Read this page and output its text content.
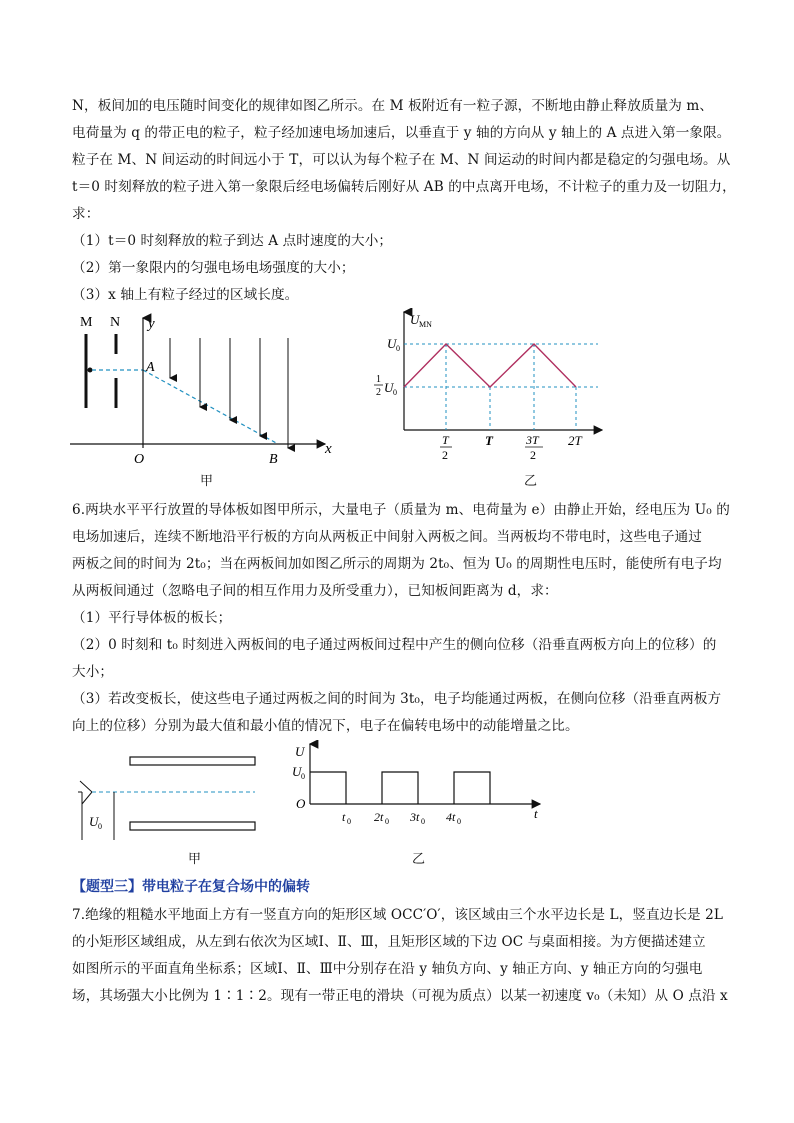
N，板间加的电压随时间变化的规律如图乙所示。在 M 板附近有一粒子源，不断地由静止释放质量为 m、
电荷量为 q 的带正电的粒子，粒子经加速电场加速后，以垂直于 y 轴的方向从 y 轴上的 A 点进入第一象限。
粒子在 M、N 间运动的时间远小于 T，可以认为每个粒子在 M、N 间运动的时间内都是稳定的匀强电场。从
t＝0 时刻释放的粒子进入第一象限后经电场偏转后刚好从 AB 的中点离开电场，不计粒子的重力及一切阻力，
求：
（1）t＝0 时刻释放的粒子到达 A 点时速度的大小；
（2）第一象限内的匀强电场电场强度的大小；
（3）x 轴上有粒子经过的区域长度。
M N y
A
x
O	B
甲
U MN
U 0
1
2 U 0
T
2
T	3T
2
2T
乙
6.两块水平平行放置的导体板如图甲所示，大量电子（质量为 m、电荷量为 e）由静止开始，经电压为 U₀ 的
电场加速后，连续不断地沿平行板的方向从两板正中间射入两板之间。当两板均不带电时，这些电子通过
两板之间的时间为 2t₀；当在两板间加如图乙所示的周期为 2t₀、恒为 U₀ 的周期性电压时，能使所有电子均
从两板间通过（忽略电子间的相互作用力及所受重力），已知板间距离为 d，求：
（1）平行导体板的板长；
（2）0 时刻和 t₀ 时刻进入两板间的电子通过两板间过程中产生的侧向位移（沿垂直两板方向上的位移）的
大小；
（3）若改变板长，使这些电子通过两板之间的时间为 3t₀，电子均能通过两板，在侧向位移（沿垂直两板方
向上的位移）分别为最大值和最小值的情况下，电子在偏转电场中的动能增量之比。
U 0
甲
U
U 0
O
t
t 0 2t 0 3t 0 4t 0
乙
【题型三】带电粒子在复合场中的偏转
7.绝缘的粗糙水平地面上方有一竖直方向的矩形区域 OCC′O′，该区域由三个水平边长是 L，竖直边长是 2L
的小矩形区域组成，从左到右依次为区域Ⅰ、Ⅱ、Ⅲ，且矩形区域的下边 OC 与桌面相接。为方便描述建立
如图所示的平面直角坐标系；区域Ⅰ、Ⅱ、Ⅲ中分别存在沿 y 轴负方向、y 轴正方向、y 轴正方向的匀强电
场，其场强大小比例为 1∶1∶2。现有一带正电的滑块（可视为质点）以某一初速度 v₀（未知）从 O 点沿 x
